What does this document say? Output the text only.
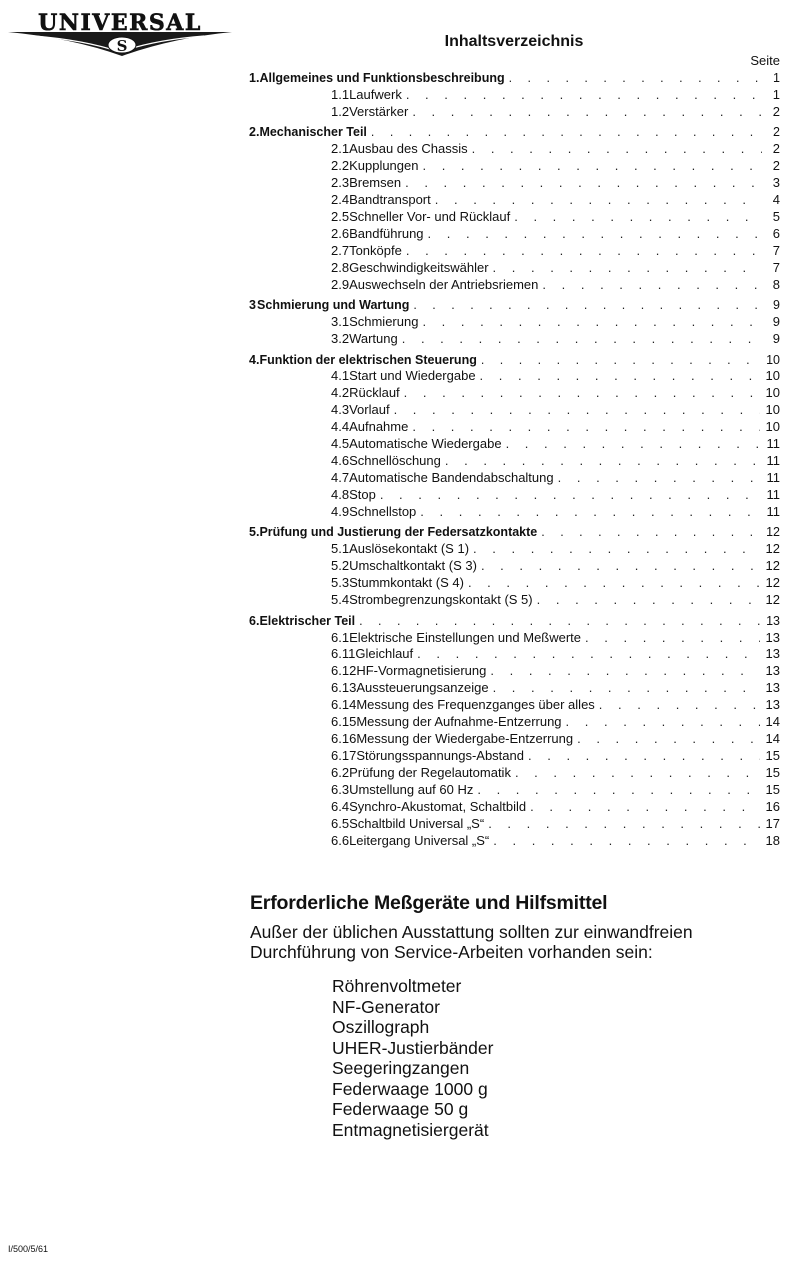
UNIVERSAL
S	Inhaltsverzeichnis
Seite
1. Allgemeines und Funktionsbeschreibung . . .	1
1.1 Laufwerk . . .	1
1.2 Verstärker . . .	2
2. Mechanischer Teil . . .	2
2.1 Ausbau des Chassis . . .	2
2.2 Kupplungen . . .	2
2.3 Bremsen . . .	3
2.4 Bandtransport . . .	4
2.5 Schneller Vor- und Rücklauf . . .	5
2.6 Bandführung . . .	6
2.7 Tonköpfe . . .	7
2.8 Geschwindigkeitswähler . . .	7
2.9 Auswechseln der Antriebsriemen . . .	8
3 Schmierung und Wartung . . .	9
3.1 Schmierung . . .	9
3.2 Wartung . . .	9
4. Funktion der elektrischen Steuerung . . .	10
4.1 Start und Wiedergabe . . .	10
4.2 Rücklauf . . .	10
4.3 Vorlauf . . .	10
4.4 Aufnahme . . .	10
4.5 Automatische Wiedergabe . . .	11
4.6 Schnellöschung . . .	11
4.7 Automatische Bandendabschaltung . . .	11
4.8 Stop . . .	11
4.9 Schnellstop . . .	11
5. Prüfung und Justierung der Federsatzkontakte . . .	12
5.1 Auslösekontakt (S 1) . . .	12
5.2 Umschaltkontakt (S 3) . . .	12
5.3 Stummkontakt (S 4) . . .	12
5.4 Strombegrenzungskontakt (S 5) . . .	12
6. Elektrischer Teil . . .	13
6.1 Elektrische Einstellungen und Meßwerte . . .	13
6.11 Gleichlauf . . .	13
6.12 HF-Vormagnetisierung . . .	13
6.13 Aussteuerungsanzeige . . .	13
6.14 Messung des Frequenzganges über alles . . .	13
6.15 Messung der Aufnahme-Entzerrung . . .	14
6.16 Messung der Wiedergabe-Entzerrung . . .	14
6.17 Störungsspannungs-Abstand . . .	15
6.2 Prüfung der Regelautomatik . . .	15
6.3 Umstellung auf 60 Hz . . .	15
6.4 Synchro-Akustomat, Schaltbild . . .	16
6.5 Schaltbild Universal „S“ . . .	17
6.6 Leitergang Universal „S“ . . .	18
Erforderliche Meßgeräte und Hilfsmittel
Außer der üblichen Ausstattung sollten zur einwandfreien
Durchführung von Service-Arbeiten vorhanden sein:
Röhrenvoltmeter
NF-Generator
Oszillograph
UHER-Justierbänder
Seegeringzangen
Federwaage 1000 g
Federwaage 50 g
Entmagnetisiergerät
I/500/5/61
